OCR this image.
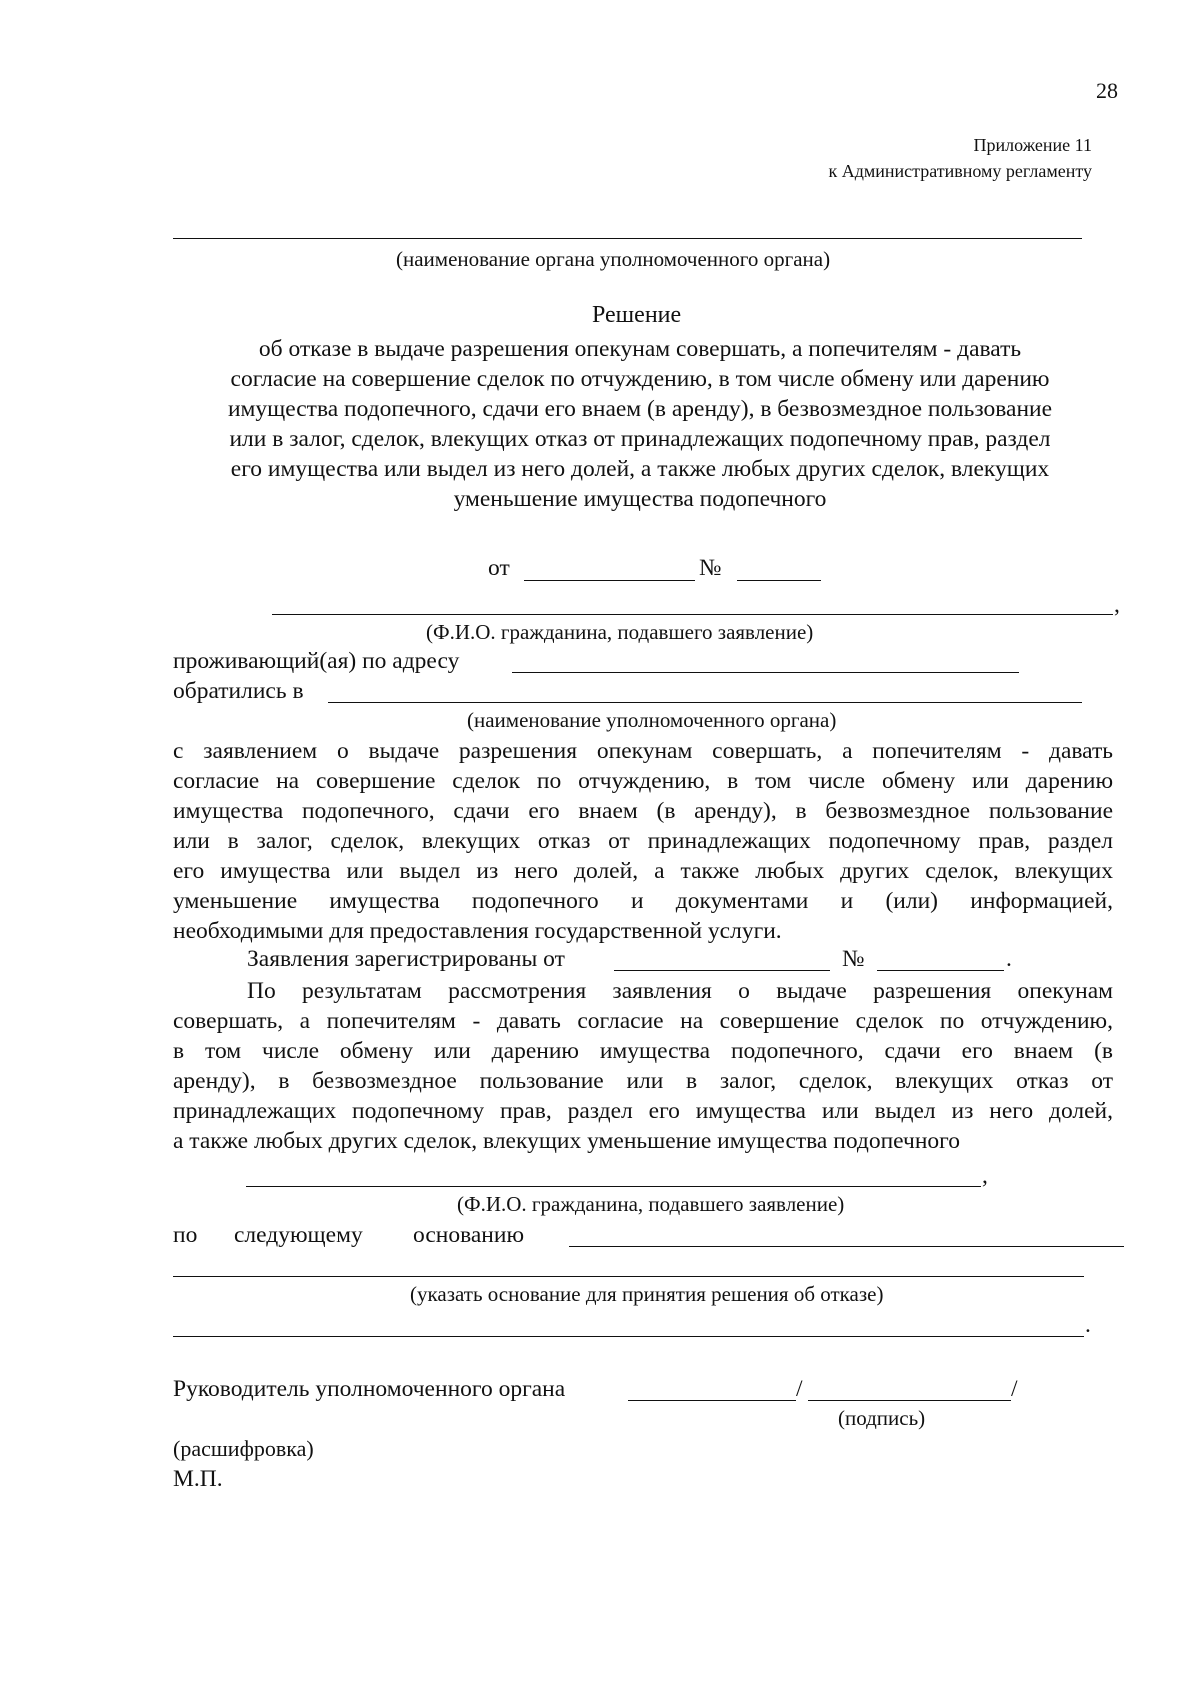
28
Приложение 11
к Административному регламенту
(наименование органа уполномоченного органа)
Решение
об отказе в выдаче разрешения опекунам совершать, а попечителям - давать
согласие на совершение сделок по отчуждению, в том числе обмену или дарению
имущества подопечного, сдачи его внаем (в аренду), в безвозмездное пользование
или в залог, сделок, влекущих отказ от принадлежащих подопечному прав, раздел
его имущества или выдел из него долей, а также любых других сделок, влекущих
уменьшение имущества подопечного
от	№
,
(Ф.И.О. гражданина, подавшего заявление)
проживающий(ая) по адресу
обратились в
(наименование уполномоченного органа)
с заявлением о выдаче разрешения опекунам совершать, а попечителям - давать
согласие на совершение сделок по отчуждению, в том числе обмену или дарению
имущества подопечного, сдачи его внаем (в аренду), в безвозмездное пользование
или в залог, сделок, влекущих отказ от принадлежащих подопечному прав, раздел
его имущества или выдел из него долей, а также любых других сделок, влекущих
уменьшение имущества подопечного и документами и (или) информацией,
необходимыми для предоставления государственной услуги.
Заявления зарегистрированы от	№	.
По результатам рассмотрения заявления о выдаче разрешения опекунам
совершать, а попечителям - давать согласие на совершение сделок по отчуждению,
в том числе обмену или дарению имущества подопечного, сдачи его внаем (в
аренду), в безвозмездное пользование или в залог, сделок, влекущих отказ от
принадлежащих подопечному прав, раздел его имущества или выдел из него долей,
а также любых других сделок, влекущих уменьшение имущества подопечного
,
(Ф.И.О. гражданина, подавшего заявление)
по следующему основанию
(указать основание для принятия решения об отказе)
.
Руководитель уполномоченного органа	/	/
(подпись)
(расшифровка)
М.П.
